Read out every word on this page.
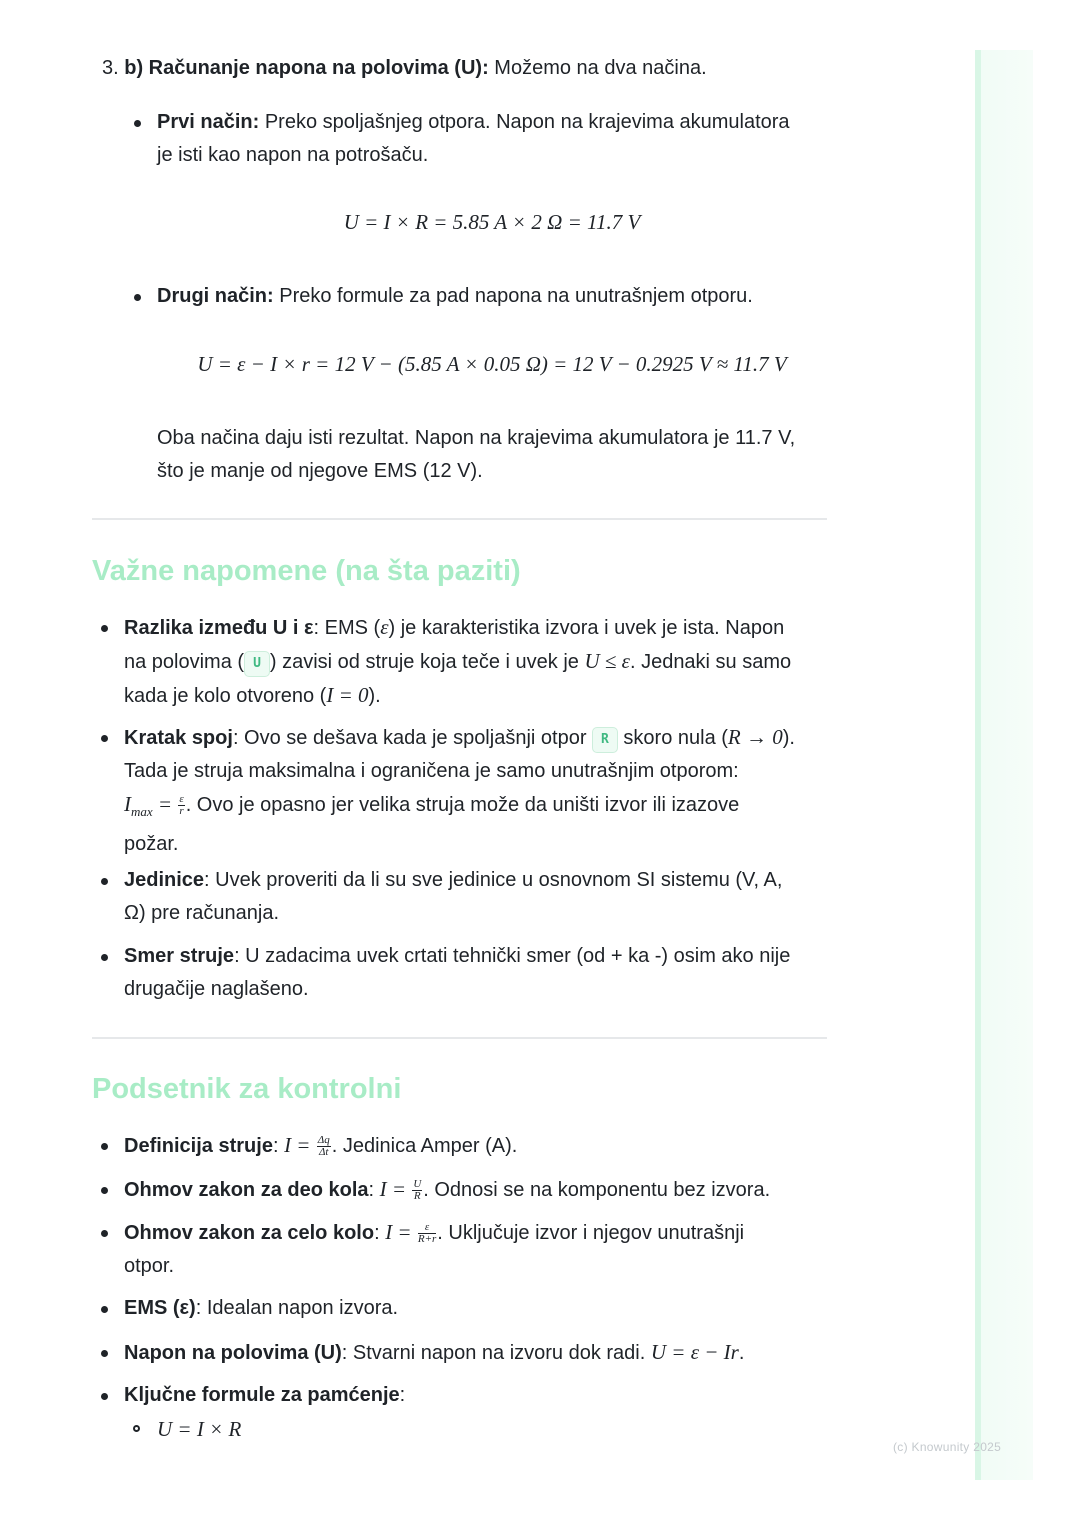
(c) Knowunity 2025
3. b) Računanje napona na polovima (U): Možemo na dva načina.
Prvi način: Preko spoljašnjeg otpora. Napon na krajevima akumulatora
je isti kao napon na potrošaču.
U = I × R = 5.85 A × 2 Ω = 11.7 V
Drugi način: Preko formule za pad napona na unutrašnjem otporu.
U = ε − I × r = 12 V − (5.85 A × 0.05 Ω) = 12 V − 0.2925 V ≈ 11.7 V
Oba načina daju isti rezultat. Napon na krajevima akumulatora je 11.7 V,
što je manje od njegove EMS (12 V).
Važne napomene (na šta paziti)
Razlika između U i ε: EMS (ε) je karakteristika izvora i uvek je ista. Napon
na polovima ( U ) zavisi od struje koja teče i uvek je U ≤ ε. Jednaki su samo
kada je kolo otvoreno (I = 0).
Kratak spoj: Ovo se dešava kada je spoljašnji otpor R skoro nula (R → 0).
Tada je struja maksimalna i ograničena je samo unutrašnjim otporom:
$I_{max} = \frac{\varepsilon}{r}$ . Ovo je opasno jer velika struja može da uništi izvor ili izazove
požar.
Jedinice: Uvek proveriti da li su sve jedinice u osnovnom SI sistemu (V, A,
Ω) pre računanja.
Smer struje: U zadacima uvek crtati tehnički smer (od + ka -) osim ako nije
drugačije naglašeno.
Podsetnik za kontrolni
Definicija struje: $I = \frac{\Delta q}{\Delta t}$ . Jedinica Amper (A).
Ohmov zakon za deo kola: $I = \frac{U}{R}$ . Odnosi se na komponentu bez izvora.
Ohmov zakon za celo kolo: $I = \frac{\varepsilon}{R+r}$ . Uključuje izvor i njegov unutrašnji
otpor.
EMS (ε): Idealan napon izvora.
Napon na polovima (U): Stvarni napon na izvoru dok radi. U = ε − Ir.
Ključne formule za pamćenje:
U = I × R
